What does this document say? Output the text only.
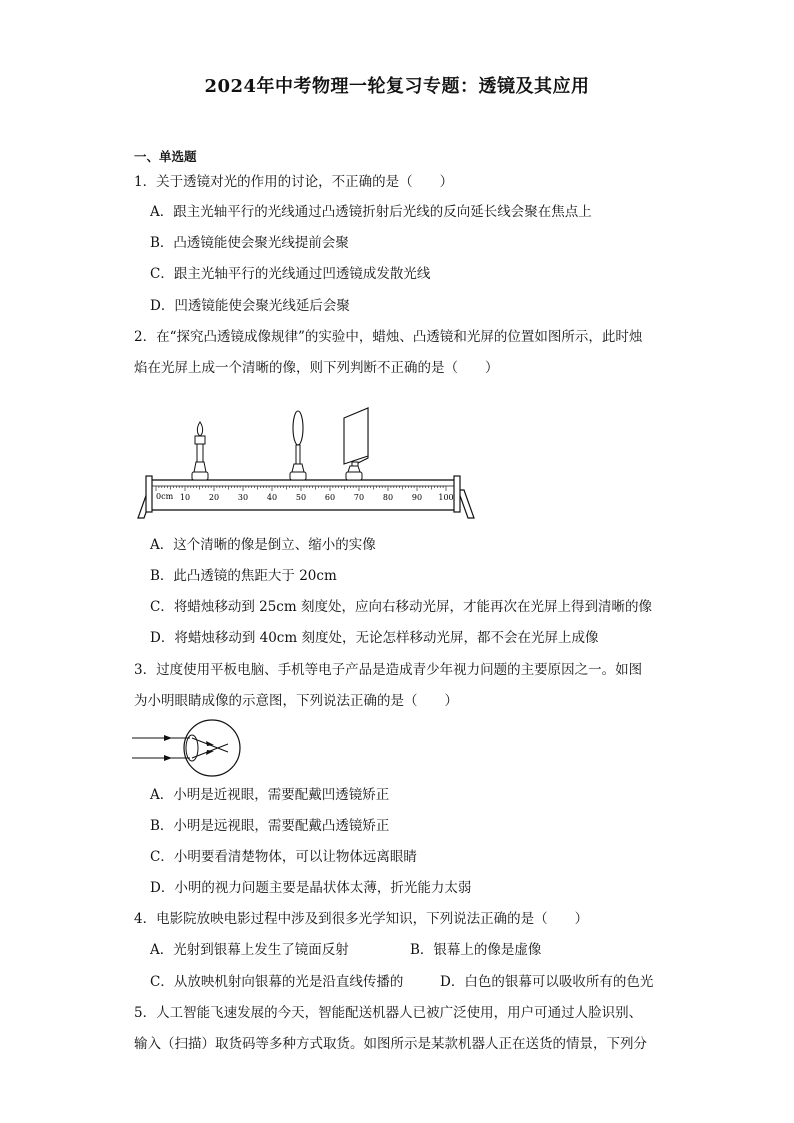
2024年中考物理一轮复习专题：透镜及其应用
一、单选题
1．关于透镜对光的作用的讨论，不正确的是（　　）
A．跟主光轴平行的光线通过凸透镜折射后光线的反向延长线会聚在焦点上
B．凸透镜能使会聚光线提前会聚
C．跟主光轴平行的光线通过凹透镜成发散光线
D．凹透镜能使会聚光线延后会聚
2．在“探究凸透镜成像规律”的实验中，蜡烛、凸透镜和光屏的位置如图所示，此时烛
焰在光屏上成一个清晰的像，则下列判断不正确的是（　　）
0cm 10 20 30 40 50 60 70 80 90 100
A．这个清晰的像是倒立、缩小的实像
B．此凸透镜的焦距大于 20cm
C．将蜡烛移动到 25cm 刻度处，应向右移动光屏，才能再次在光屏上得到清晰的像
D．将蜡烛移动到 40cm 刻度处，无论怎样移动光屏，都不会在光屏上成像
3．过度使用平板电脑、手机等电子产品是造成青少年视力问题的主要原因之一。如图
为小明眼睛成像的示意图，下列说法正确的是（　　）
A．小明是近视眼，需要配戴凹透镜矫正
B．小明是远视眼，需要配戴凸透镜矫正
C．小明要看清楚物体，可以让物体远离眼睛
D．小明的视力问题主要是晶状体太薄，折光能力太弱
4．电影院放映电影过程中涉及到很多光学知识，下列说法正确的是（　　）
A．光射到银幕上发生了镜面反射	B．银幕上的像是虚像
C．从放映机射向银幕的光是沿直线传播的	D．白色的银幕可以吸收所有的色光
5．人工智能飞速发展的今天，智能配送机器人已被广泛使用，用户可通过人脸识别、
输入（扫描）取货码等多种方式取货。如图所示是某款机器人正在送货的情景，下列分
